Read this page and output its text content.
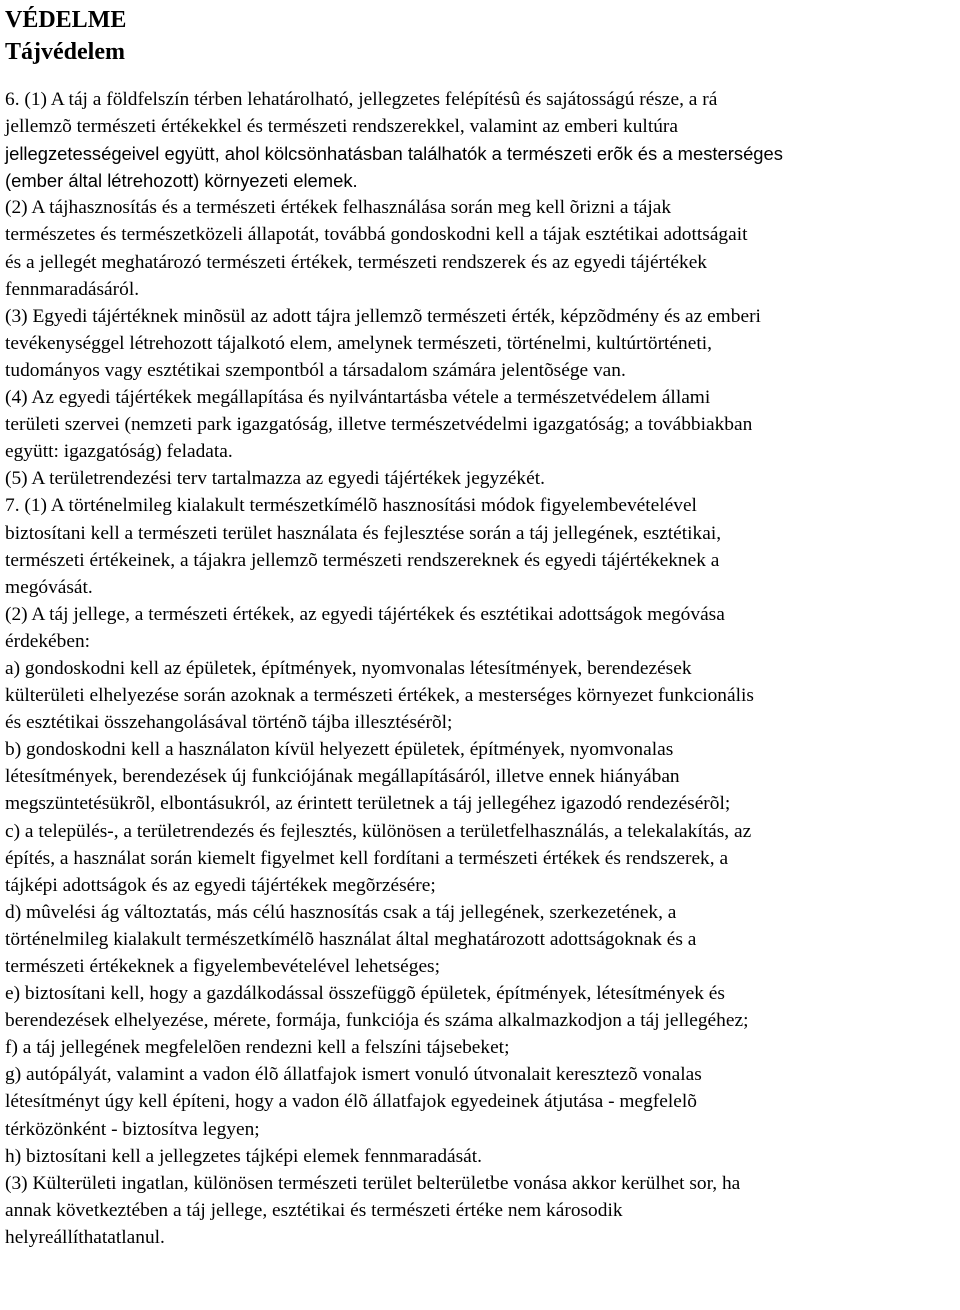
VÉDELME
Tájvédelem
6. (1) A táj a földfelszín térben lehatárolható, jellegzetes felépítésû és sajátosságú része, a rá
jellemzõ természeti értékekkel és természeti rendszerekkel, valamint az emberi kultúra
jellegzetességeivel együtt, ahol kölcsönhatásban találhatók a természeti erõk és a mesterséges
(ember által létrehozott) környezeti elemek.
(2) A tájhasznosítás és a természeti értékek felhasználása során meg kell õrizni a tájak
természetes és természetközeli állapotát, továbbá gondoskodni kell a tájak esztétikai adottságait
és a jellegét meghatározó természeti értékek, természeti rendszerek és az egyedi tájértékek
fennmaradásáról.
(3) Egyedi tájértéknek minõsül az adott tájra jellemzõ természeti érték, képzõdmény és az emberi
tevékenységgel létrehozott tájalkotó elem, amelynek természeti, történelmi, kultúrtörténeti,
tudományos vagy esztétikai szempontból a társadalom számára jelentõsége van.
(4) Az egyedi tájértékek megállapítása és nyilvántartásba vétele a természetvédelem állami
területi szervei (nemzeti park igazgatóság, illetve természetvédelmi igazgatóság; a továbbiakban
együtt: igazgatóság) feladata.
(5) A területrendezési terv tartalmazza az egyedi tájértékek jegyzékét.
7. (1) A történelmileg kialakult természetkímélõ hasznosítási módok figyelembevételével
biztosítani kell a természeti terület használata és fejlesztése során a táj jellegének, esztétikai,
természeti értékeinek, a tájakra jellemzõ természeti rendszereknek és egyedi tájértékeknek a
megóvását.
(2) A táj jellege, a természeti értékek, az egyedi tájértékek és esztétikai adottságok megóvása
érdekében:
a) gondoskodni kell az épületek, építmények, nyomvonalas létesítmények, berendezések
külterületi elhelyezése során azoknak a természeti értékek, a mesterséges környezet funkcionális
és esztétikai összehangolásával történõ tájba illesztésérõl;
b) gondoskodni kell a használaton kívül helyezett épületek, építmények, nyomvonalas
létesítmények, berendezések új funkciójának megállapításáról, illetve ennek hiányában
megszüntetésükrõl, elbontásukról, az érintett területnek a táj jellegéhez igazodó rendezésérõl;
c) a település-, a területrendezés és fejlesztés, különösen a területfelhasználás, a telekalakítás, az
építés, a használat során kiemelt figyelmet kell fordítani a természeti értékek és rendszerek, a
tájképi adottságok és az egyedi tájértékek megõrzésére;
d) mûvelési ág változtatás, más célú hasznosítás csak a táj jellegének, szerkezetének, a
történelmileg kialakult természetkímélõ használat által meghatározott adottságoknak és a
természeti értékeknek a figyelembevételével lehetséges;
e) biztosítani kell, hogy a gazdálkodással összefüggõ épületek, építmények, létesítmények és
berendezések elhelyezése, mérete, formája, funkciója és száma alkalmazkodjon a táj jellegéhez;
f) a táj jellegének megfelelõen rendezni kell a felszíni tájsebeket;
g) autópályát, valamint a vadon élõ állatfajok ismert vonuló útvonalait keresztezõ vonalas
létesítményt úgy kell építeni, hogy a vadon élõ állatfajok egyedeinek átjutása - megfelelõ
térközönként - biztosítva legyen;
h) biztosítani kell a jellegzetes tájképi elemek fennmaradását.
(3) Külterületi ingatlan, különösen természeti terület belterületbe vonása akkor kerülhet sor, ha
annak következtében a táj jellege, esztétikai és természeti értéke nem károsodik
helyreállíthatatlanul.
